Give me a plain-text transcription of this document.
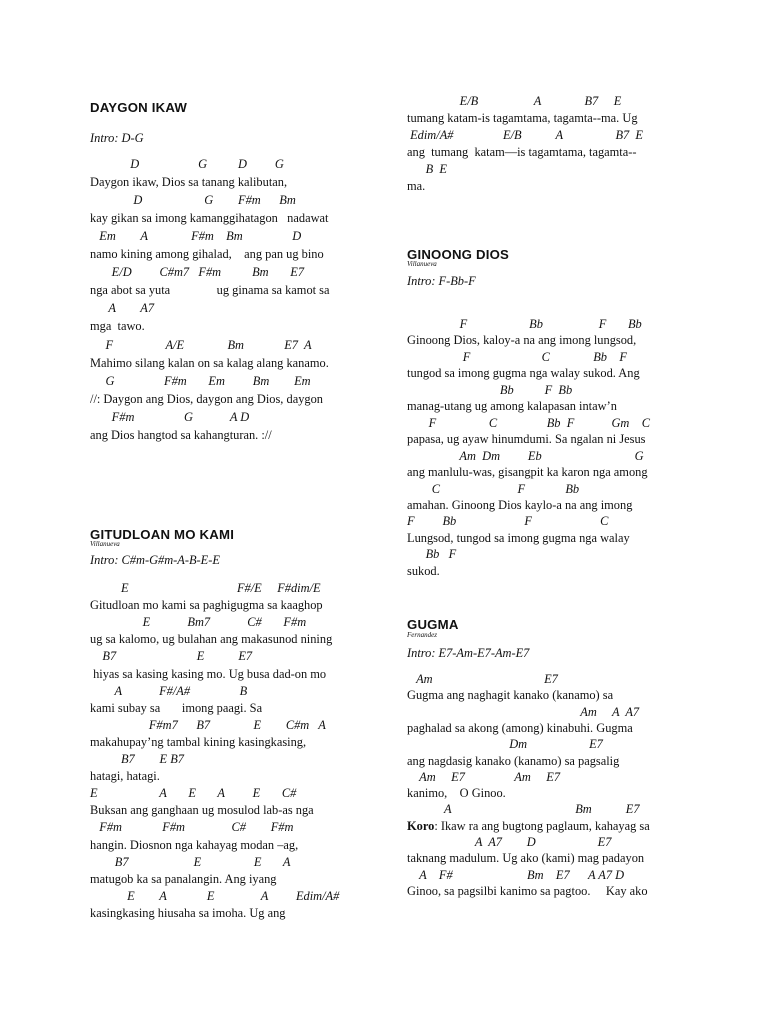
DAYGON IKAW
Intro: D-G
D                   G          D         G
Daygon ikaw, Dios sa tanang kalibutan,
D                    G        F#m      Bm
kay gikan sa imong kamanggihatagon   nadawat
Em        A              F#m    Bm                D
namo kining among gihalad,    ang pan ug bino
E/D         C#m7   F#m          Bm       E7
nga abot sa yuta               ug ginama sa kamot sa
A        A7
mga  tawo.
F                 A/E              Bm             E7  A
Mahimo silang kalan on sa kalag alang kanamo.
G                F#m       Em         Bm        Em
//: Daygon ang Dios, daygon ang Dios, daygon
F#m                G            A D
ang Dios hangtod sa kahangturan. ://
GITUDLOAN MO KAMI
Villanueva
Intro: C#m-G#m-A-B-E-E
E                                   F#/E     F#dim/E
Gitudloan mo kami sa paghigugma sa kaaghop
E            Bm7            C#       F#m
ug sa kalomo, ug bulahan ang makasunod nining
B7                          E           E7
hiyas sa kasing kasing mo. Ug busa dad-on mo
A            F#/A#                B
kami subay sa       imong paagi. Sa
F#m7      B7              E        C#m   A
makahupay’ng tambal kining kasingkasing,
B7        E B7
hatagi, hatagi.
E                    A       E       A         E       C#
Buksan ang ganghaan ug mosulod lab-as nga
F#m             F#m               C#        F#m
hangin. Diosnon nga kahayag modan –ag,
B7                     E                 E       A
matugob ka sa panalangin. Ang iyang
E        A             E               A         Edim/A#
kasingkasing hiusaha sa imoha. Ug ang
E/B                  A              B7     E
tumang katam-is tagamtama, tagamta--ma. Ug
Edim/A#                E/B           A                 B7  E
ang  tumang  katam—is tagamtama, tagamta--
B  E
ma.
GINOONG DIOS
Villanueva
Intro: F-Bb-F
F                    Bb                  F       Bb
Ginoong Dios, kaloy-a na ang imong lungsod,
F                       C              Bb    F
tungod sa imong gugma nga walay sukod. Ang
Bb          F  Bb
manag-utang ug among kalapasan intaw’n
F                 C                Bb  F            Gm    C
papasa, ug ayaw hinumdumi. Sa ngalan ni Jesus
Am  Dm         Eb                              G
ang manlulu-was, gisangpit ka karon nga among
C                         F             Bb
amahan. Ginoong Dios kaylo-a na ang imong
F         Bb                      F                      C
Lungsod, tungod sa imong gugma nga walay
Bb   F
sukod.
GUGMA
Fernandez
Intro: E7-Am-E7-Am-E7
Am                                    E7
Gugma ang naghagit kanako (kanamo) sa
Am     A  A7
paghalad sa akong (among) kinabuhi. Gugma
Dm                    E7
ang nagdasig kanako (kanamo) sa pagsalig
Am     E7                Am     E7
kanimo,    O Ginoo.
A                                        Bm           E7
Koro: Ikaw ra ang bugtong paglaum, kahayag sa
A  A7        D                    E7
taknang madulum. Ug ako (kami) mag padayon
A    F#                        Bm    E7      A A7 D
Ginoo, sa pagsilbi kanimo sa pagtoo.     Kay ako
